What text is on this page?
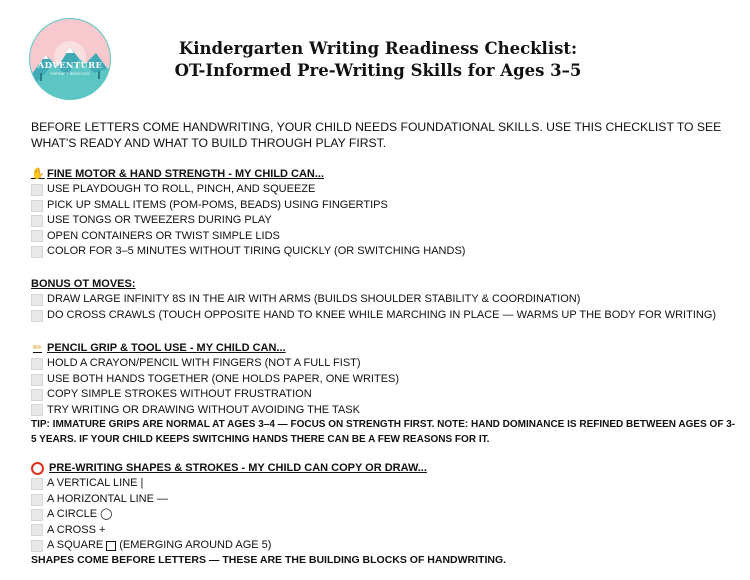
ADVENTURE
THERAPY SERVICES
Kindergarten Writing Readiness Checklist:
OT-Informed Pre-Writing Skills for Ages 3–5
BEFORE LETTERS COME HANDWRITING, YOUR CHILD NEEDS FOUNDATIONAL SKILLS. USE THIS CHECKLIST TO SEE WHAT'S READY AND WHAT TO BUILD THROUGH PLAY FIRST.
✋ FINE MOTOR & HAND STRENGTH - MY CHILD CAN...
USE PLAYDOUGH TO ROLL, PINCH, AND SQUEEZE
PICK UP SMALL ITEMS (POM-POMS, BEADS) USING FINGERTIPS
USE TONGS OR TWEEZERS DURING PLAY
OPEN CONTAINERS OR TWIST SIMPLE LIDS
COLOR FOR 3–5 MINUTES WITHOUT TIRING QUICKLY (OR SWITCHING HANDS)
BONUS OT MOVES:
DRAW LARGE INFINITY 8S IN THE AIR WITH ARMS (BUILDS SHOULDER STABILITY & COORDINATION)
DO CROSS CRAWLS (TOUCH OPPOSITE HAND TO KNEE WHILE MARCHING IN PLACE — WARMS UP THE BODY FOR WRITING)
✏ PENCIL GRIP & TOOL USE - MY CHILD CAN...
HOLD A CRAYON/PENCIL WITH FINGERS (NOT A FULL FIST)
USE BOTH HANDS TOGETHER (ONE HOLDS PAPER, ONE WRITES)
COPY SIMPLE STROKES WITHOUT FRUSTRATION
TRY WRITING OR DRAWING WITHOUT AVOIDING THE TASK
TIP: IMMATURE GRIPS ARE NORMAL AT AGES 3–4 — FOCUS ON STRENGTH FIRST. NOTE: HAND DOMINANCE IS REFINED BETWEEN AGES OF 3-5 YEARS. IF YOUR CHILD KEEPS SWITCHING HANDS THERE CAN BE A FEW REASONS FOR IT.
PRE-WRITING SHAPES & STROKES - MY CHILD CAN COPY OR DRAW...
A VERTICAL LINE |
A HORIZONTAL LINE —
A CIRCLE ◯
A CROSS +
A SQUARE (EMERGING AROUND AGE 5)
SHAPES COME BEFORE LETTERS — THESE ARE THE BUILDING BLOCKS OF HANDWRITING.
